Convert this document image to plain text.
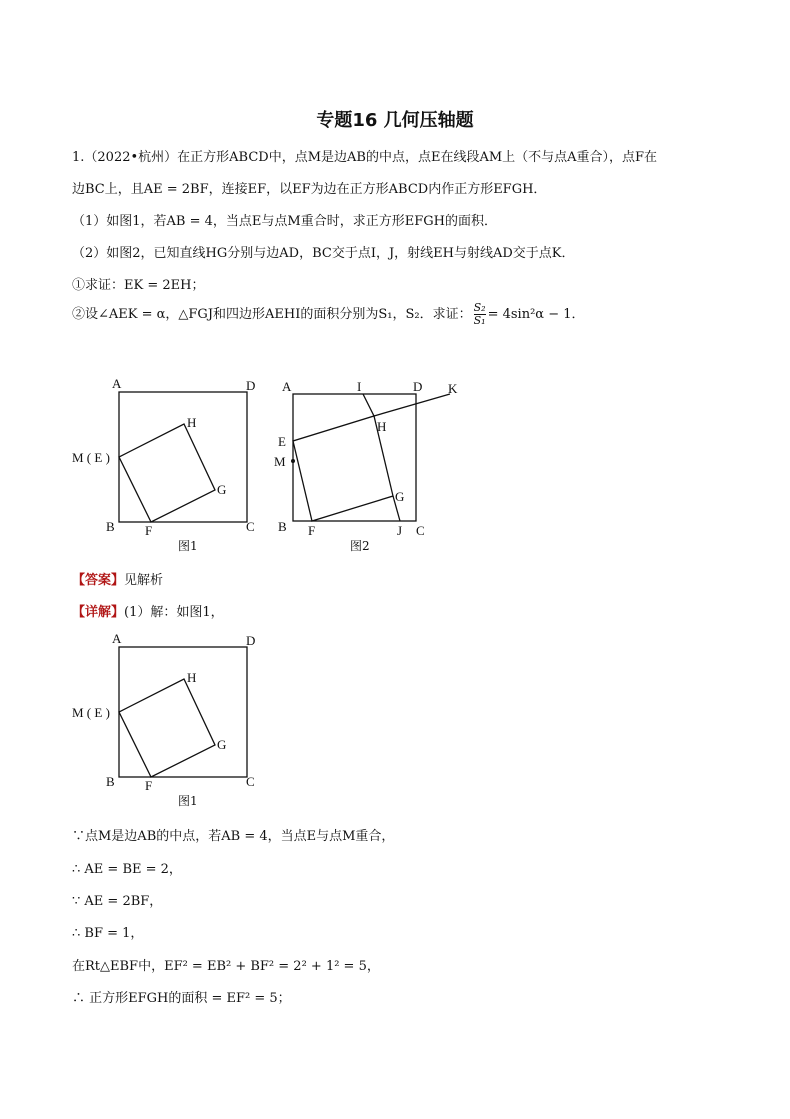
专题16 几何压轴题
1.（2022•杭州）在正方形ABCD中，点M是边AB的中点，点E在线段AM上（不与点A重合），点F在
边BC上，且AE = 2BF，连接EF，以EF为边在正方形ABCD内作正方形EFGH．
（1）如图1，若AB = 4，当点E与点M重合时，求正方形EFGH的面积．
（2）如图2，已知直线HG分别与边AD，BC交于点I，J，射线EH与射线AD交于点K．
①求证：EK = 2EH；
②设∠AEK = α，△FGJ和四边形AEHI的面积分别为S₁，S₂．求证： $\frac{\text{S₂}}{\text{S₁}} = 4\sin^2\alpha - 1$．
A	D
H
M ( E )
G
B F	C
图1
A	I	D K
H
E
M
G
B F	J C
图2
【答案】见解析
【详解】(1）解：如图1，
A	D
H
M ( E )
G
B F	C
图1
∵点M是边AB的中点，若AB = 4，当点E与点M重合，
∴ AE = BE = 2，
∵ AE = 2BF，
∴ BF = 1，
在Rt△EBF中，EF² = EB² + BF² = 2² + 1² = 5，
∴ 正方形EFGH的面积 = EF² = 5；
